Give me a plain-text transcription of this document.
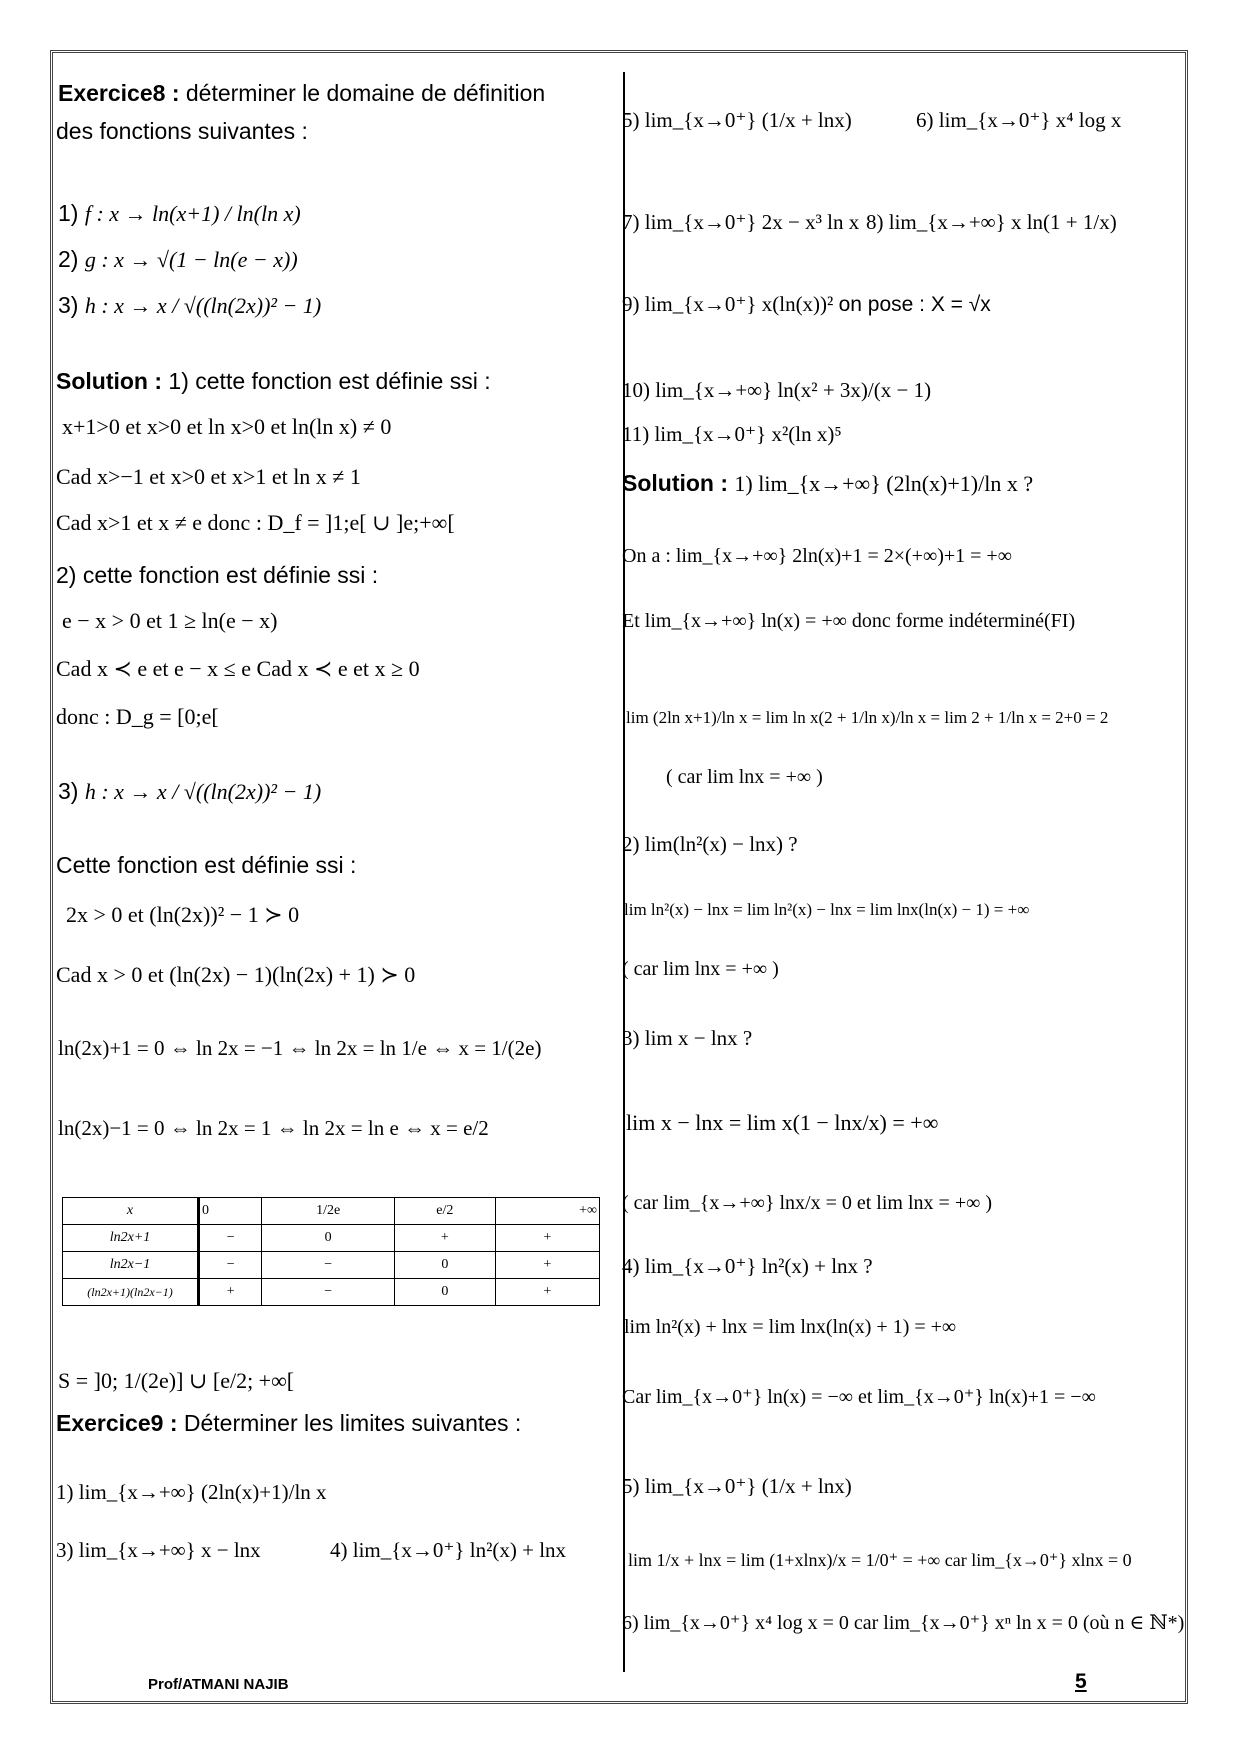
Exercice8 : déterminer le domaine de définition
des fonctions suivantes :
1) f : x → ln(x+1) / ln(ln x)
2) g : x → √(1 − ln(e − x))
3) h : x → x / √((ln(2x))² − 1)
Solution : 1) cette fonction est définie ssi :
x+1>0 et x>0 et ln x>0 et ln(ln x) ≠ 0
Cad x>−1 et x>0 et x>1 et ln x ≠ 1
Cad x>1 et x ≠ e donc : D_f = ]1;e[ ∪ ]e;+∞[
2) cette fonction est définie ssi :
e − x > 0 et 1 ≥ ln(e − x)
Cad x ≺ e et e − x ≤ e Cad x ≺ e et x ≥ 0
donc : D_g = [0;e[
3) h : x → x / √((ln(2x))² − 1)
Cette fonction est définie ssi :
2x > 0 et (ln(2x))² − 1 ≻ 0
Cad x > 0 et (ln(2x) − 1)(ln(2x) + 1) ≻ 0
ln(2x)+1 = 0 ⇔ ln 2x = −1 ⇔ ln 2x = ln 1/e ⇔ x = 1/(2e)
ln(2x)−1 = 0 ⇔ ln 2x = 1 ⇔ ln 2x = ln e ⇔ x = e/2
x	0	1/2e	e/2	+∞
ln2x+1	−	0	+	+
ln2x−1	−	−	0	+
(ln2x+1)(ln2x−1)	+	−	0	+
S = ]0; 1/(2e)] ∪ [e/2; +∞[
Exercice9 : Déterminer les limites suivantes :
1) lim_{x→+∞} (2ln(x)+1)/ln x
3) lim_{x→+∞} x − lnx	4) lim_{x→0⁺} ln²(x) + lnx
5) lim_{x→0⁺} (1/x + lnx)	6) lim_{x→0⁺} x⁴ log x
7) lim_{x→0⁺} 2x − x³ ln x 8) lim_{x→+∞} x ln(1 + 1/x)
9) lim_{x→0⁺} x(ln(x))² on pose : X = √x
10) lim_{x→+∞} ln(x² + 3x)/(x − 1)
11) lim_{x→0⁺} x²(ln x)⁵
Solution : 1) lim_{x→+∞} (2ln(x)+1)/ln x ?
On a : lim_{x→+∞} 2ln(x)+1 = 2×(+∞)+1 = +∞
Et lim_{x→+∞} ln(x) = +∞ donc forme indéterminé(FI)
lim (2ln x+1)/ln x = lim ln x(2 + 1/ln x)/ln x = lim 2 + 1/ln x = 2+0 = 2
( car lim lnx = +∞ )
2) lim(ln²(x) − lnx) ?
lim ln²(x) − lnx = lim ln²(x) − lnx = lim lnx(ln(x) − 1) = +∞
( car lim lnx = +∞ )
3) lim x − lnx ?
lim x − lnx = lim x(1 − lnx/x) = +∞
( car lim_{x→+∞} lnx/x = 0 et lim lnx = +∞ )
4) lim_{x→0⁺} ln²(x) + lnx ?
lim ln²(x) + lnx = lim lnx(ln(x) + 1) = +∞
Car lim_{x→0⁺} ln(x) = −∞ et lim_{x→0⁺} ln(x)+1 = −∞
5) lim_{x→0⁺} (1/x + lnx)
lim 1/x + lnx = lim (1+xlnx)/x = 1/0⁺ = +∞ car lim_{x→0⁺} xlnx = 0
6) lim_{x→0⁺} x⁴ log x = 0 car lim_{x→0⁺} xⁿ ln x = 0 (où n ∈ ℕ*)
Prof/ATMANI NAJIB	5
